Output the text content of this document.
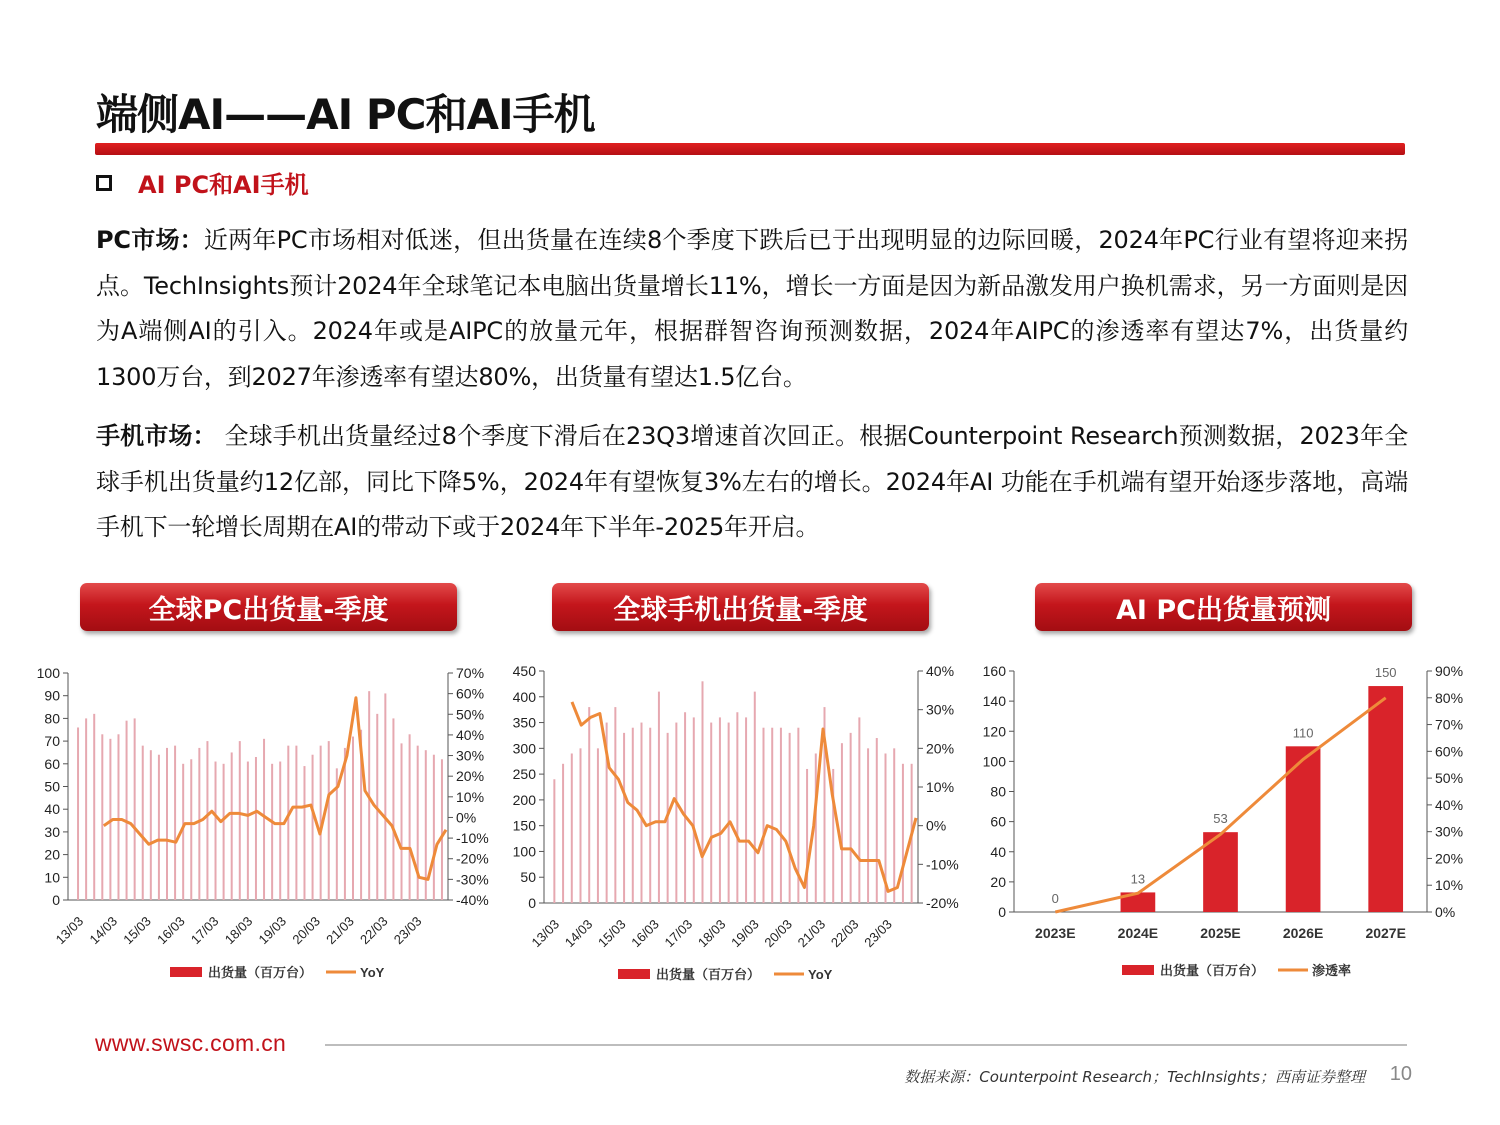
端侧AI——AI PC和AI手机
AI PC和AI手机
PC市场：近两年PC市场相对低迷，但出货量在连续8个季度下跌后已于出现明显的边际回暖，2024年PC行业有望将迎来拐点。TechInsights预计2024年全球笔记本电脑出货量增长11%，增长一方面是因为新品激发用户换机需求，另一方面则是因为A端侧AI的引入。2024年或是AIPC的放量元年，根据群智咨询预测数据，2024年AIPC的渗透率有望达7%，出货量约1300万台，到2027年渗透率有望达80%，出货量有望达1.5亿台。
手机市场： 全球手机出货量经过8个季度下滑后在23Q3增速首次回正。根据Counterpoint Research预测数据，2023年全球手机出货量约12亿部，同比下降5%，2024年有望恢复3%左右的增长。2024年AI 功能在手机端有望开始逐步落地，高端手机下一轮增长周期在AI的带动下或于2024年下半年-2025年开启。
全球PC出货量-季度	全球手机出货量-季度	AI PC出货量预测
0
10
20
30
40
50
60
70
80
90
100
-40%
-30%
-20%
-10%
0%
10%
20%
30%
40%
50%
60%
70%
13/03 14/03 15/03 16/03 17/03 18/03 19/03 20/03 21/03 22/03 23/03
出货量（百万台）	YoY
0
50
100
150
200
250
300
350
400
450
-20%
-10%
0%
10%
20%
30%
40%
13/03 14/03 15/03 16/03 17/03 18/03 19/03 20/03 21/03 22/03 23/03
出货量（百万台）	YoY
0
20
40
60
80
100
120
140
160
0%
10%
20%
30%
40%
50%
60%
70%
80%
90%
0
13
53
110
150
2023E	2024E	2025E	2026E	2027E
出货量（百万台）	渗透率
www.swsc.com.cn
数据来源：Counterpoint Research；TechInsights；西南证券整理 10
